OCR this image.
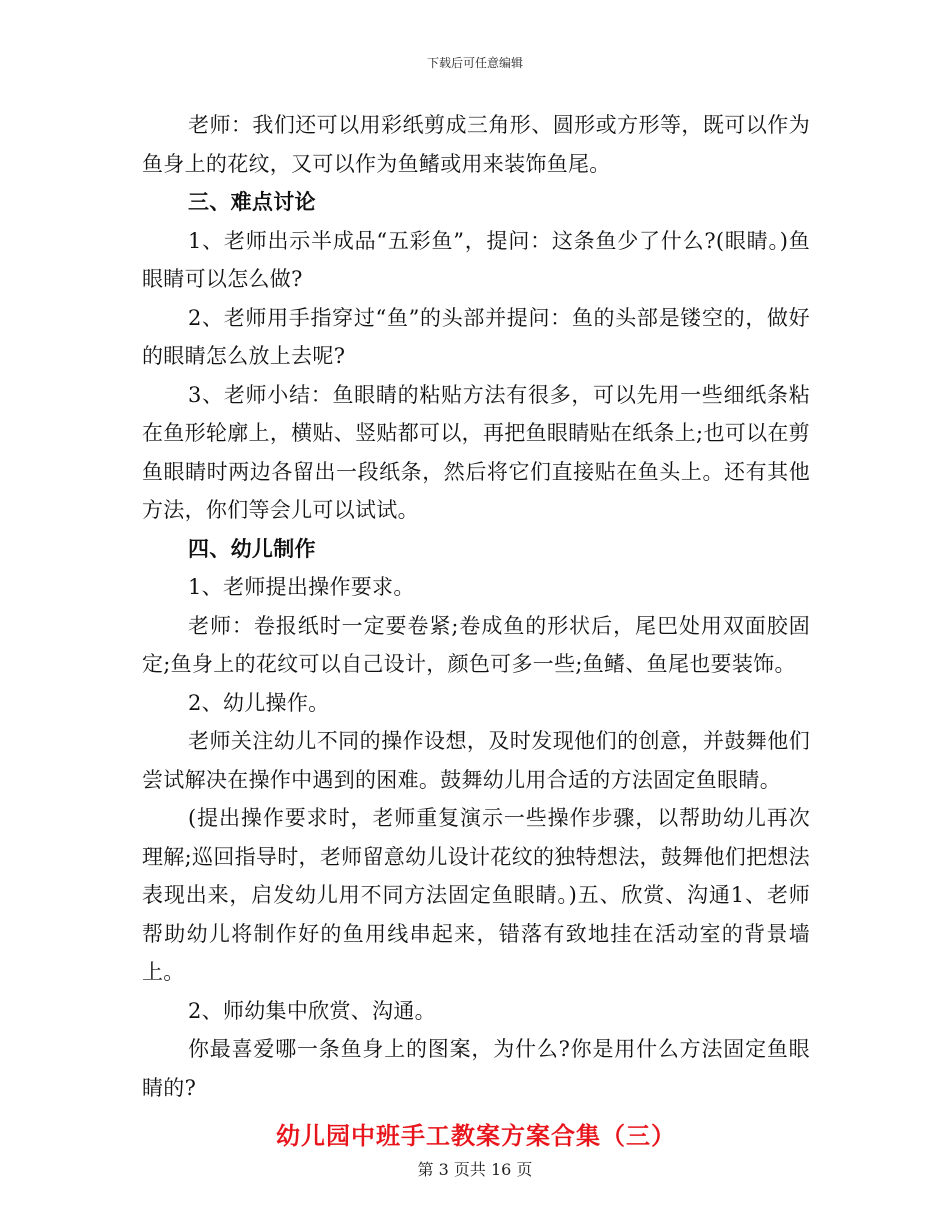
下载后可任意编辑

老师：我们还可以用彩纸剪成三角形、圆形或方形等，既可以作为鱼身上的花纹，又可以作为鱼鳍或用来装饰鱼尾。

三、难点讨论

1、老师出示半成品“五彩鱼”，提问：这条鱼少了什么?(眼睛。)鱼眼睛可以怎么做?

2、老师用手指穿过“鱼”的头部并提问：鱼的头部是镂空的，做好的眼睛怎么放上去呢?

3、老师小结：鱼眼睛的粘贴方法有很多，可以先用一些细纸条粘在鱼形轮廓上，横贴、竖贴都可以，再把鱼眼睛贴在纸条上;也可以在剪鱼眼睛时两边各留出一段纸条，然后将它们直接贴在鱼头上。还有其他方法，你们等会儿可以试试。

四、幼儿制作

1、老师提出操作要求。

老师：卷报纸时一定要卷紧;卷成鱼的形状后，尾巴处用双面胶固定;鱼身上的花纹可以自己设计，颜色可多一些;鱼鳍、鱼尾也要装饰。

2、幼儿操作。

老师关注幼儿不同的操作设想，及时发现他们的创意，并鼓舞他们尝试解决在操作中遇到的困难。鼓舞幼儿用合适的方法固定鱼眼睛。

(提出操作要求时，老师重复演示一些操作步骤，以帮助幼儿再次理解;巡回指导时，老师留意幼儿设计花纹的独特想法，鼓舞他们把想法表现出来，启发幼儿用不同方法固定鱼眼睛。)五、欣赏、沟通1、老师帮助幼儿将制作好的鱼用线串起来，错落有致地挂在活动室的背景墙上。

2、师幼集中欣赏、沟通。

你最喜爱哪一条鱼身上的图案，为什么?你是用什么方法固定鱼眼睛的?

幼儿园中班手工教案方案合集（三）

第 3 页共 16 页
